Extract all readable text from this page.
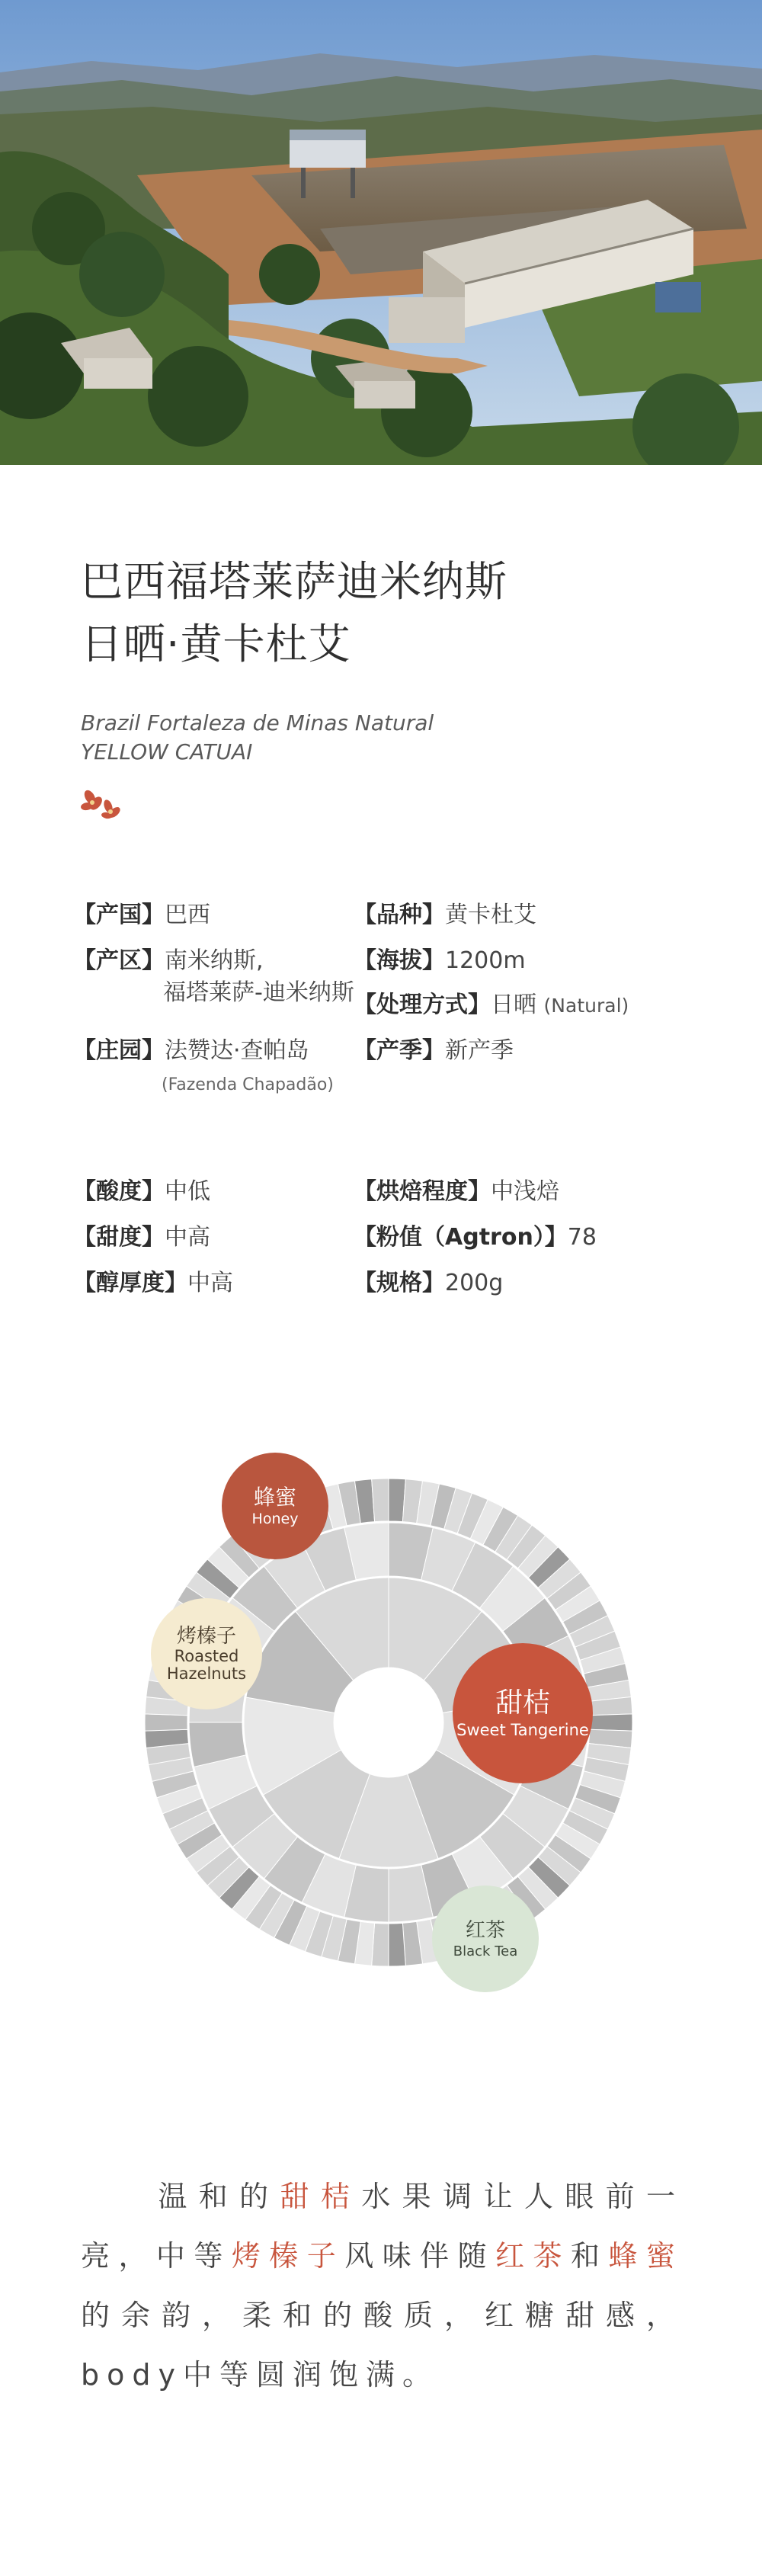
巴西福塔莱萨迪米纳斯
日晒·黄卡杜艾
Brazil Fortaleza de Minas Natural
YELLOW CATUAI
【产国】巴西
【产区】南米纳斯,
福塔莱萨-迪米纳斯
【庄园】法赞达·查帕岛
(Fazenda Chapadão)
【品种】黄卡杜艾
【海拔】1200m
【处理方式】日晒 (Natural)
【产季】新产季
【酸度】中低
【甜度】中高
【醇厚度】中高
【烘焙程度】中浅焙
【粉值（Agtron）】78
【规格】200g
蜂蜜
Honey
烤榛子
Roasted
Hazelnuts
甜桔
Sweet Tangerine
红茶
Black Tea
温和的甜桔水果调让人眼前一亮，中等烤榛子风味伴随红茶和蜂蜜的余韵，柔和的酸质，红糖甜感，body中等圆润饱满。
